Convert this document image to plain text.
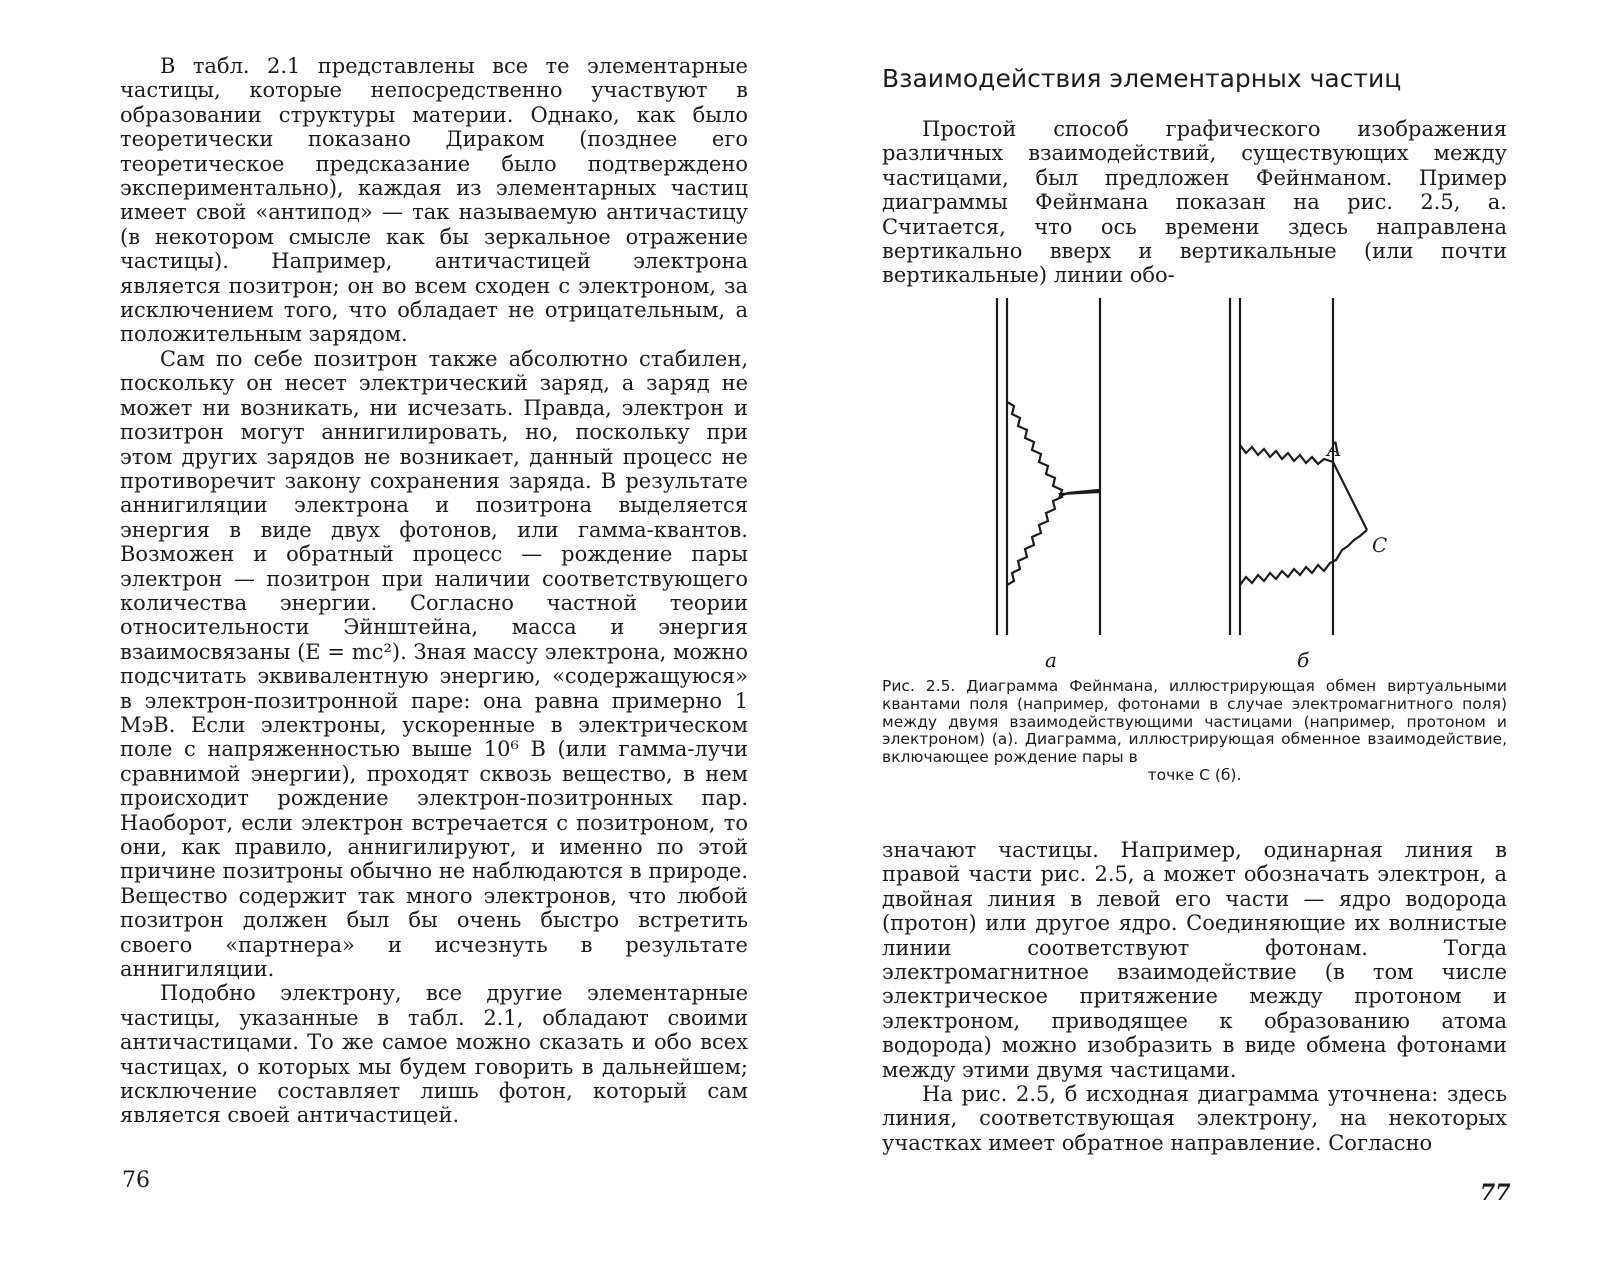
В табл. 2.1 представлены все те элементарные частицы, которые непосредственно участвуют в образовании структуры материи. Однако, как было теоретически показано Дираком (позднее его теоретическое предсказание было подтверждено экспериментально), каждая из элементарных частиц имеет свой «антипод» — так называемую античастицу (в некотором смысле как бы зеркальное отражение частицы). Например, античастицей электрона является позитрон; он во всем сходен с электроном, за исключением того, что обладает не отрицательным, а положительным зарядом.

Сам по себе позитрон также абсолютно стабилен, поскольку он несет электрический заряд, а заряд не может ни возникать, ни исчезать. Правда, электрон и позитрон могут аннигилировать, но, поскольку при этом других зарядов не возникает, данный процесс не противоречит закону сохранения заряда. В результате аннигиляции электрона и позитрона выделяется энергия в виде двух фотонов, или гамма-квантов. Возможен и обратный процесс — рождение пары электрон — позитрон при наличии соответствующего количества энергии. Согласно частной теории относительности Эйнштейна, масса и энергия взаимосвязаны (E = mc²). Зная массу электрона, можно подсчитать эквивалентную энергию, «содержащуюся» в электрон-позитронной паре: она равна примерно 1 МэВ. Если электроны, ускоренные в электрическом поле с напряженностью выше 10⁶ В (или гамма-лучи сравнимой энергии), проходят сквозь вещество, в нем происходит рождение электрон-позитронных пар. Наоборот, если электрон встречается с позитроном, то они, как правило, аннигилируют, и именно по этой причине позитроны обычно не наблюдаются в природе. Вещество содержит так много электронов, что любой позитрон должен был бы очень быстро встретить своего «партнера» и исчезнуть в результате аннигиляции.

Подобно электрону, все другие элементарные частицы, указанные в табл. 2.1, обладают своими античастицами. То же самое можно сказать и обо всех частицах, о которых мы будем говорить в дальнейшем; исключение составляет лишь фотон, который сам является своей античастицей.

76
Взаимодействия элементарных частиц

Простой способ графического изображения различных взаимодействий, существующих между частицами, был предложен Фейнманом. Пример диаграммы Фейнмана показан на рис. 2.5, а. Считается, что ось времени здесь направлена вертикально вверх и вертикальные (или почти вертикальные) линии обо-

A
C
а	б
Рис. 2.5. Диаграмма Фейнмана, иллюстрирующая обмен виртуальными квантами поля (например, фотонами в случае электромагнитного поля) между двумя взаимодействующими частицами (например, протоном и электроном) (а). Диаграмма, иллюстрирующая обменное взаимодействие, включающее рождение пары в
точке C (б).

значают частицы. Например, одинарная линия в правой части рис. 2.5, а может обозначать электрон, а двойная линия в левой его части — ядро водорода (протон) или другое ядро. Соединяющие их волнистые линии соответствуют фотонам. Тогда электромагнитное взаимодействие (в том числе электрическое притяжение между протоном и электроном, приводящее к образованию атома водорода) можно изобразить в виде обмена фотонами между этими двумя частицами.

На рис. 2.5, б исходная диаграмма уточнена: здесь линия, соответствующая электрону, на некоторых участках имеет обратное направление. Согласно

77
